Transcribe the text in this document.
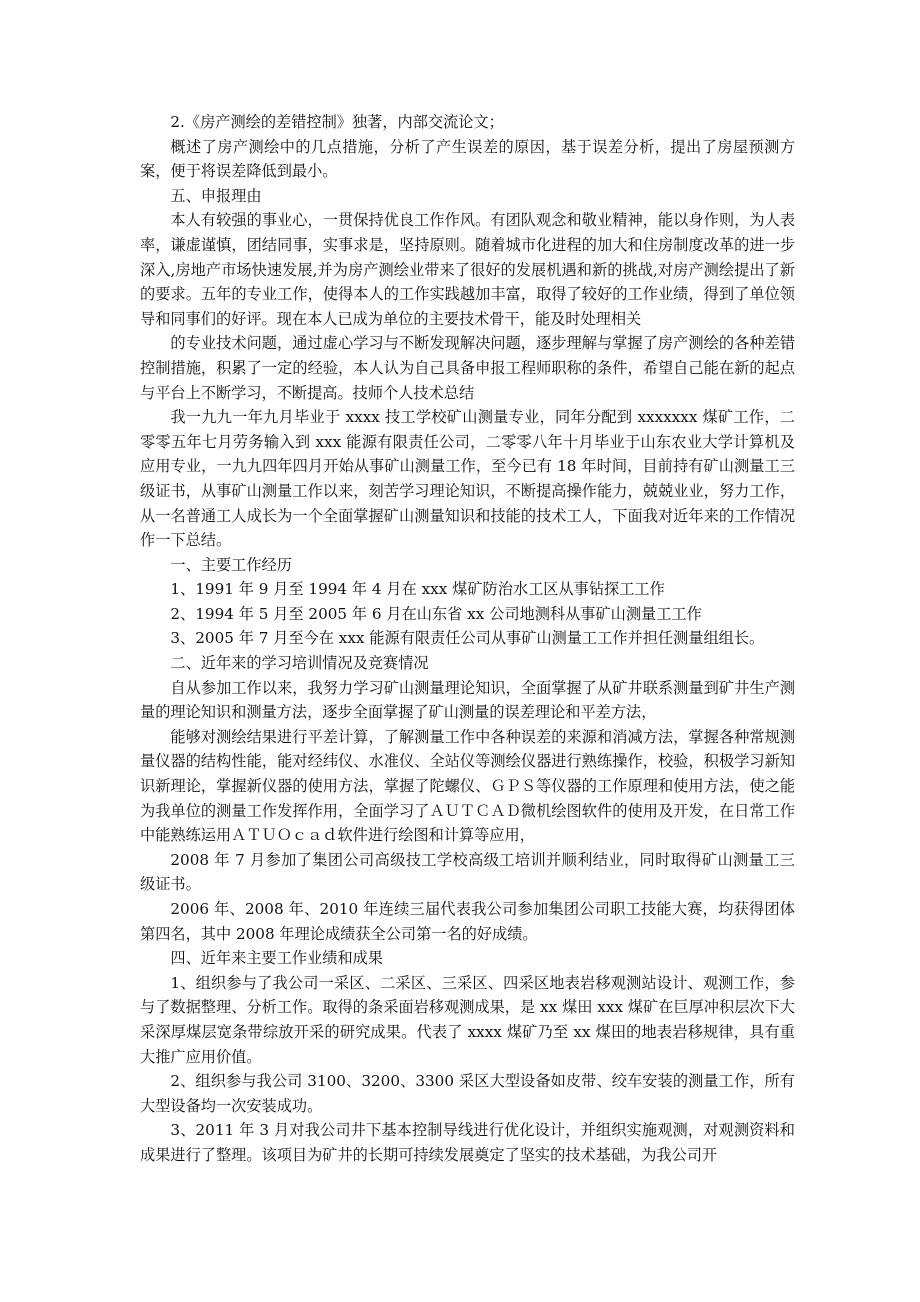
2.《房产测绘的差错控制》独著，内部交流论文；

概述了房产测绘中的几点措施，分析了产生误差的原因，基于误差分析，提出了房屋预测方案，便于将误差降低到最小。

五、申报理由

本人有较强的事业心，一贯保持优良工作作风。有团队观念和敬业精神，能以身作则，为人表率，谦虚谨慎，团结同事，实事求是，坚持原则。随着城市化进程的加大和住房制度改革的进一步深入,房地产市场快速发展,并为房产测绘业带来了很好的发展机遇和新的挑战,对房产测绘提出了新的要求。五年的专业工作，使得本人的工作实践越加丰富，取得了较好的工作业绩，得到了单位领导和同事们的好评。现在本人已成为单位的主要技术骨干，能及时处理相关

的专业技术问题，通过虚心学习与不断发现解决问题，逐步理解与掌握了房产测绘的各种差错控制措施，积累了一定的经验，本人认为自己具备申报工程师职称的条件，希望自己能在新的起点与平台上不断学习，不断提高。技师个人技术总结

我一九九一年九月毕业于 xxxx 技工学校矿山测量专业，同年分配到 xxxxxxx 煤矿工作，二零零五年七月劳务输入到 xxx 能源有限责任公司，二零零八年十月毕业于山东农业大学计算机及应用专业，一九九四年四月开始从事矿山测量工作，至今已有 18 年时间，目前持有矿山测量工三级证书，从事矿山测量工作以来，刻苦学习理论知识，不断提高操作能力，兢兢业业，努力工作，从一名普通工人成长为一个全面掌握矿山测量知识和技能的技术工人，下面我对近年来的工作情况作一下总结。

一、主要工作经历

1、1991 年 9 月至 1994 年 4 月在 xxx 煤矿防治水工区从事钻探工工作

2、1994 年 5 月至 2005 年 6 月在山东省 xx 公司地测科从事矿山测量工工作

3、2005 年 7 月至今在 xxx 能源有限责任公司从事矿山测量工工作并担任测量组组长。

二、近年来的学习培训情况及竞赛情况

自从参加工作以来，我努力学习矿山测量理论知识，全面掌握了从矿井联系测量到矿井生产测量的理论知识和测量方法，逐步全面掌握了矿山测量的误差理论和平差方法，

能够对测绘结果进行平差计算，了解测量工作中各种误差的来源和消减方法，掌握各种常规测量仪器的结构性能，能对经纬仪、水准仪、全站仪等测绘仪器进行熟练操作，校验，积极学习新知识新理论，掌握新仪器的使用方法，掌握了陀螺仪、ＧＰＳ等仪器的工作原理和使用方法，使之能为我单位的测量工作发挥作用，全面学习了ＡＵＴＣＡＤ微机绘图软件的使用及开发，在日常工作中能熟练运用ＡＴＵＯｃａｄ软件进行绘图和计算等应用，

2008 年 7 月参加了集团公司高级技工学校高级工培训并顺利结业，同时取得矿山测量工三级证书。

2006 年、2008 年、2010 年连续三届代表我公司参加集团公司职工技能大赛，均获得团体第四名，其中 2008 年理论成绩获全公司第一名的好成绩。

四、近年来主要工作业绩和成果

1、组织参与了我公司一采区、二采区、三采区、四采区地表岩移观测站设计、观测工作，参与了数据整理、分析工作。取得的条采面岩移观测成果，是 xx 煤田 xxx 煤矿在巨厚冲积层次下大采深厚煤层宽条带综放开采的研究成果。代表了 xxxx 煤矿乃至 xx 煤田的地表岩移规律，具有重大推广应用价值。

2、组织参与我公司 3100、3200、3300 采区大型设备如皮带、绞车安装的测量工作，所有大型设备均一次安装成功。

3、2011 年 3 月对我公司井下基本控制导线进行优化设计，并组织实施观测，对观测资料和成果进行了整理。该项目为矿井的长期可持续发展奠定了坚实的技术基础，为我公司开
